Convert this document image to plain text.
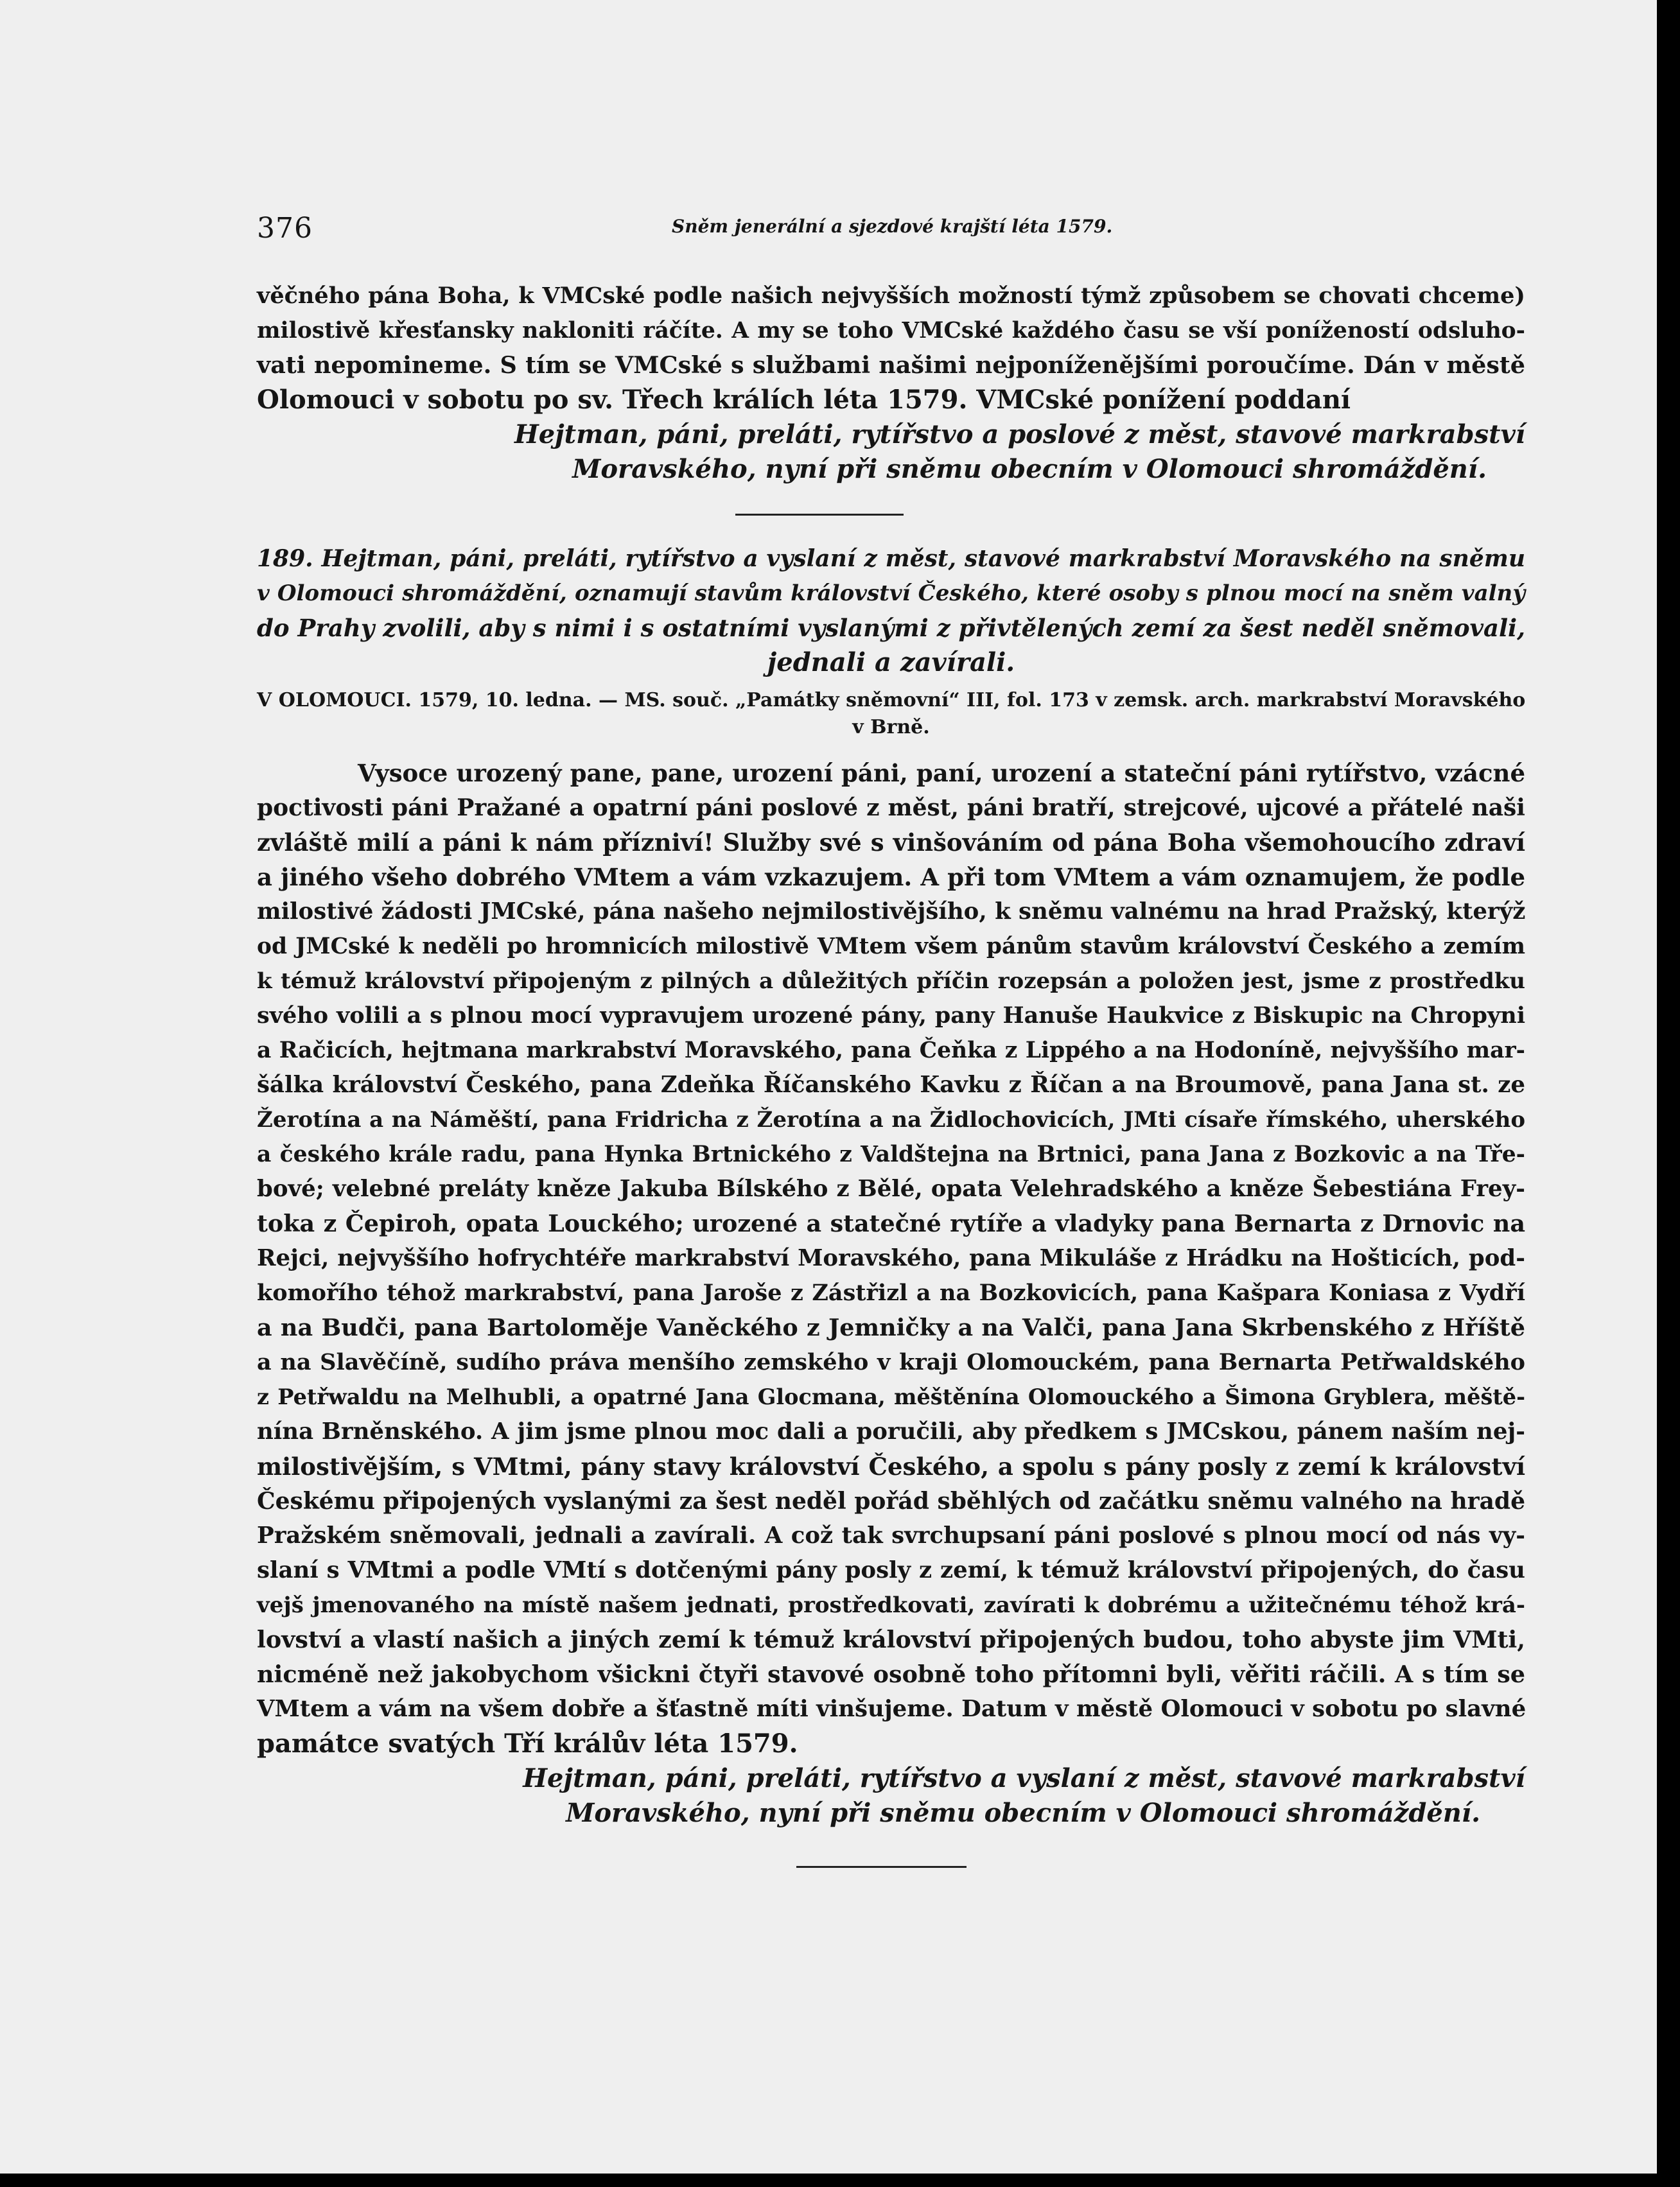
376	Sněm jenerální a sjezdové krajští léta 1579.
věčného pána Boha, k VMCské podle našich nejvyšších možností týmž způsobem se chovati chceme)
milostivě křesťansky nakloniti ráčíte. A my se toho VMCské každého času se vší ponížeností odsluho-
vati nepomineme. S tím se VMCské s službami našimi nejponíženějšími poroučíme. Dán v městě
Olomouci v sobotu po sv. Třech králích léta 1579. VMCské ponížení poddaní
Hejtman, páni, preláti, rytířstvo a poslové z měst, stavové markrabství
Moravského, nyní při sněmu obecním v Olomouci shromáždění.
189. Hejtman, páni, preláti, rytířstvo a vyslaní z měst, stavové markrabství Moravského na sněmu
v Olomouci shromáždění, oznamují stavům království Českého, které osoby s plnou mocí na sněm valný
do Prahy zvolili, aby s nimi i s ostatními vyslanými z přivtělených zemí za šest neděl sněmovali,
jednali a zavírali.
V OLOMOUCI. 1579, 10. ledna. — MS. souč. „Památky sněmovní“ III, fol. 173 v zemsk. arch. markrabství Moravského
v Brně.
Vysoce urozený pane, pane, urození páni, paní, urození a stateční páni rytířstvo, vzácné
poctivosti páni Pražané a opatrní páni poslové z měst, páni bratří, strejcové, ujcové a přátelé naši
zvláště milí a páni k nám přízniví! Služby své s vinšováním od pána Boha všemohoucího zdraví
a jiného všeho dobrého VMtem a vám vzkazujem. A při tom VMtem a vám oznamujem, že podle
milostivé žádosti JMCské, pána našeho nejmilostivějšího, k sněmu valnému na hrad Pražský, kterýž
od JMCské k neděli po hromnicích milostivě VMtem všem pánům stavům království Českého a zemím
k témuž království připojeným z pilných a důležitých příčin rozepsán a položen jest, jsme z prostředku
svého volili a s plnou mocí vypravujem urozené pány, pany Hanuše Haukvice z Biskupic na Chropyni
a Račicích, hejtmana markrabství Moravského, pana Čeňka z Lippého a na Hodoníně, nejvyššího mar-
šálka království Českého, pana Zdeňka Říčanského Kavku z Říčan a na Broumově, pana Jana st. ze
Žerotína a na Náměští, pana Fridricha z Žerotína a na Židlochovicích, JMti císaře římského, uherského
a českého krále radu, pana Hynka Brtnického z Valdštejna na Brtnici, pana Jana z Bozkovic a na Tře-
bové; velebné preláty kněze Jakuba Bílského z Bělé, opata Velehradského a kněze Šebestiána Frey-
toka z Čepiroh, opata Louckého; urozené a statečné rytíře a vladyky pana Bernarta z Drnovic na
Rejci, nejvyššího hofrychtéře markrabství Moravského, pana Mikuláše z Hrádku na Hošticích, pod-
komořího téhož markrabství, pana Jaroše z Zástřizl a na Bozkovicích, pana Kašpara Koniasa z Vydří
a na Budči, pana Bartoloměje Vaněckého z Jemničky a na Valči, pana Jana Skrbenského z Hříště
a na Slavěčíně, sudího práva menšího zemského v kraji Olomouckém, pana Bernarta Petřwaldského
z Petřwaldu na Melhubli, a opatrné Jana Glocmana, měštěnína Olomouckého a Šimona Gryblera, měště-
nína Brněnského. A jim jsme plnou moc dali a poručili, aby předkem s JMCskou, pánem naším nej-
milostivějším, s VMtmi, pány stavy království Českého, a spolu s pány posly z zemí k království
Českému připojených vyslanými za šest neděl pořád sběhlých od začátku sněmu valného na hradě
Pražském sněmovali, jednali a zavírali. A což tak svrchupsaní páni poslové s plnou mocí od nás vy-
slaní s VMtmi a podle VMtí s dotčenými pány posly z zemí, k témuž království připojených, do času
vejš jmenovaného na místě našem jednati, prostředkovati, zavírati k dobrému a užitečnému téhož krá-
lovství a vlastí našich a jiných zemí k témuž království připojených budou, toho abyste jim VMti,
nicméně než jakobychom všickni čtyři stavové osobně toho přítomni byli, věřiti ráčili. A s tím se
VMtem a vám na všem dobře a šťastně míti vinšujeme. Datum v městě Olomouci v sobotu po slavné
památce svatých Tří králův léta 1579.
Hejtman, páni, preláti, rytířstvo a vyslaní z měst, stavové markrabství
Moravského, nyní při sněmu obecním v Olomouci shromáždění.
